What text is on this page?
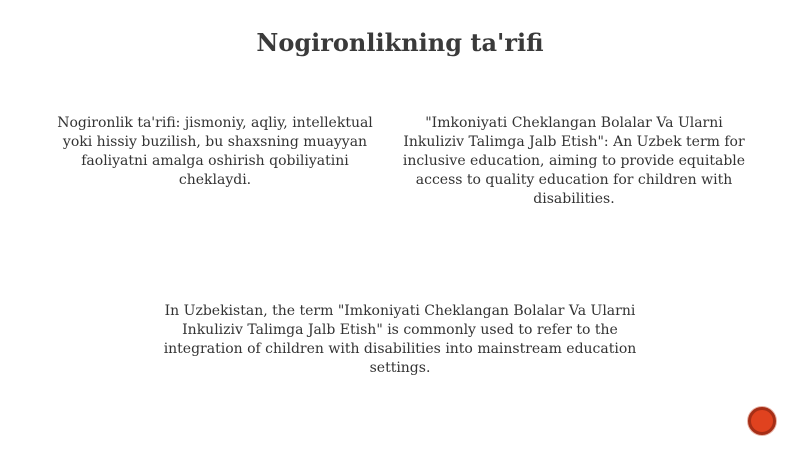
Nogironlikning ta'rifi

Nogironlik ta'rifi: jismoniy, aqliy, intellektual yoki hissiy buzilish, bu shaxsning muayyan faoliyatni amalga oshirish qobiliyatini cheklaydi.

"Imkoniyati Cheklangan Bolalar Va Ularni Inkuliziv Talimga Jalb Etish": An Uzbek term for inclusive education, aiming to provide equitable access to quality education for children with disabilities.

In Uzbekistan, the term "Imkoniyati Cheklangan Bolalar Va Ularni Inkuliziv Talimga Jalb Etish" is commonly used to refer to the integration of children with disabilities into mainstream education settings.
